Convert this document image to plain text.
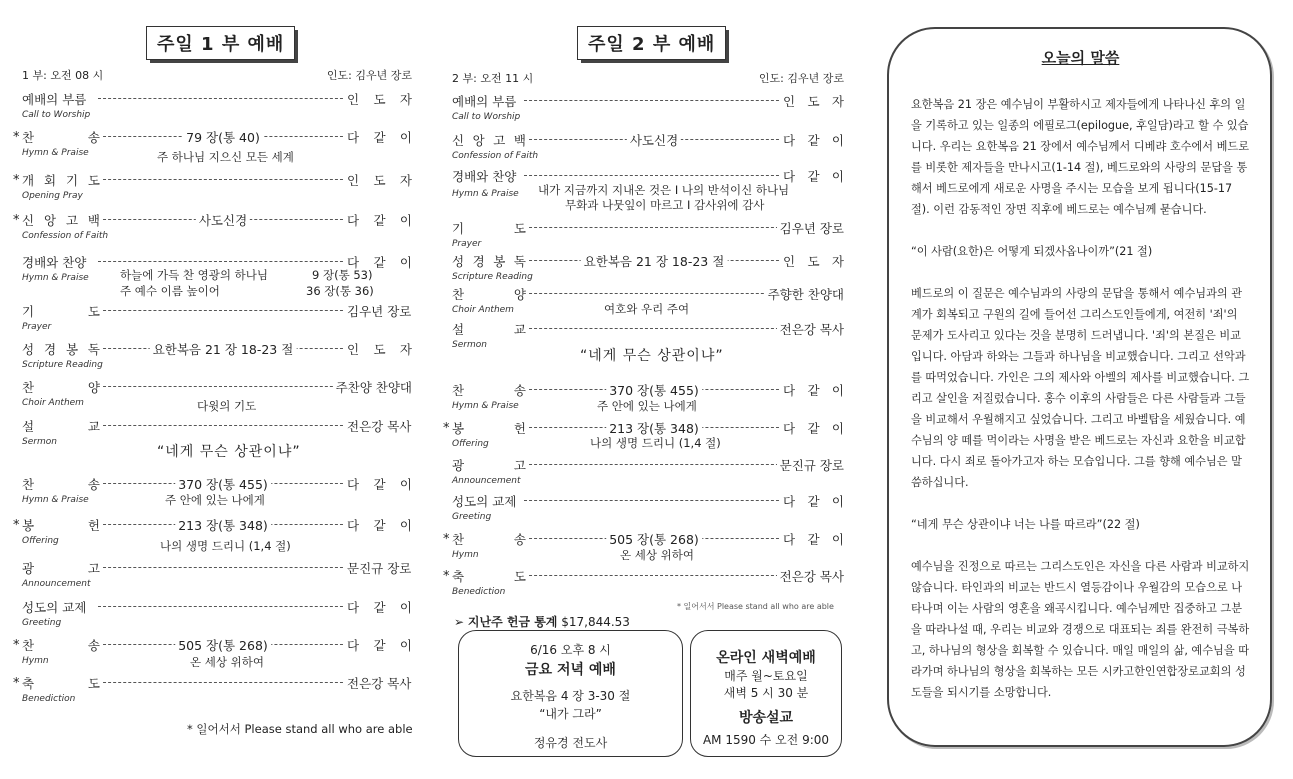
주일 1 부 예배
1 부: 오전 08 시	인도: 김우년 장로
예배의 부름	인 도 자
Call to Worship
* 찬	송	79 장(통 40)	다 같 이
Hymn & Praise	주 하나님 지으신 모든 세계
* 개 회 기 도	인 도 자
Opening Pray
* 신 앙 고 백	사도신경	다 같 이
Confession of Faith
경배와 찬양	다 같 이
Hymn & Praise	하늘에 가득 찬 영광의 하나님	9 장(통 53)
주 예수 이름 높이어	36 장(통 36)
기	도	김우년 장로
Prayer
성 경 봉 독	요한복음 21 장 18-23 절	인 도 자
Scripture Reading
찬	양	주찬양 찬양대
Choir Anthem	다윗의 기도
설	교	전은강 목사
Sermon
“네게 무슨 상관이냐”
찬	송	370 장(통 455)	다 같 이
Hymn & Praise	주 안에 있는 나에게
* 봉	헌	213 장(통 348)	다 같 이
Offering	나의 생명 드리니 (1,4 절)
광	고	문진규 장로
Announcement
성도의 교제	다 같 이
Greeting
* 찬	송	505 장(통 268)	다 같 이
Hymn	온 세상 위하여
* 축	도	전은강 목사
Benediction
* 일어서서 Please stand all who are able
주일 2 부 예배
2 부: 오전 11 시	인도: 김우년 장로
예배의 부름	인 도 자
Call to Worship
신 앙 고 백	사도신경	다 같 이
Confession of Faith
경배와 찬양	다 같 이
Hymn & Praise 내가 지금까지 지내온 것은 I 나의 반석이신 하나님
무화과 나뭇잎이 마르고 I 감사위에 감사
기	도	김우년 장로
Prayer
성 경 봉 독	요한복음 21 장 18-23 절	인 도 자
Scripture Reading
찬	양	주향한 찬양대
Choir Anthem	여호와 우리 주여
설	교	전은강 목사
Sermon
“네게 무슨 상관이냐”
찬	송	370 장(통 455)	다 같 이
Hymn & Praise	주 안에 있는 나에게
* 봉	헌	213 장(통 348)	다 같 이
Offering	나의 생명 드리니 (1,4 절)
광	고	문진규 장로
Announcement
성도의 교제	다 같 이
Greeting
* 찬	송	505 장(통 268)	다 같 이
Hymn	온 세상 위하여
* 축	도	전은강 목사
Benediction
* 일어서서 Please stand all who are able
➢ 지난주 헌금 통계 $17,844.53
6/16 오후 8 시
금요 저녁 예배
요한복음 4 장 3-30 절
“내가 그라”
정유경 전도사
온라인 새벽예배
매주 월~토요일
새벽 5 시 30 분
방송설교
AM 1590 수 오전 9:00
오늘의 말씀

요한복음 21 장은 예수님이 부활하시고 제자들에게 나타나신 후의 일을 기록하고 있는 일종의 에필로그(epilogue, 후일담)라고 할 수 있습니다. 우리는 요한복음 21 장에서 예수님께서 디베랴 호수에서 베드로를 비롯한 제자들을 만나시고(1-14 절), 베드로와의 사랑의 문답을 통해서 베드로에게 새로운 사명을 주시는 모습을 보게 됩니다(15-17 절). 이런 감동적인 장면 직후에 베드로는 예수님께 묻습니다.

“이 사람(요한)은 어떻게 되겠사옵나이까”(21 절)

베드로의 이 질문은 예수님과의 사랑의 문답을 통해서 예수님과의 관계가 회복되고 구원의 길에 들어선 그리스도인들에게, 여전히 '죄'의 문제가 도사리고 있다는 것을 분명히 드러냅니다. '죄'의 본질은 비교입니다. 아담과 하와는 그들과 하나님을 비교했습니다. 그리고 선악과를 따먹었습니다. 가인은 그의 제사와 아벨의 제사를 비교했습니다. 그리고 살인을 저질렀습니다. 홍수 이후의 사람들은 다른 사람들과 그들을 비교해서 우월해지고 싶었습니다. 그리고 바벨탑을 세웠습니다. 예수님의 양 떼를 먹이라는 사명을 받은 베드로는 자신과 요한을 비교합니다. 다시 죄로 돌아가고자 하는 모습입니다. 그를 향해 예수님은 말씀하십니다.

“네게 무슨 상관이냐 너는 나를 따르라”(22 절)

예수님을 진정으로 따르는 그리스도인은 자신을 다른 사람과 비교하지 않습니다. 타인과의 비교는 반드시 열등감이나 우월감의 모습으로 나타나며 이는 사람의 영혼을 왜곡시킵니다. 예수님께만 집중하고 그분을 따라나설 때, 우리는 비교와 경쟁으로 대표되는 죄를 완전히 극복하고, 하나님의 형상을 회복할 수 있습니다. 매일 매일의 삶, 예수님을 따라가며 하나님의 형상을 회복하는 모든 시카고한인연합장로교회의 성도들을 되시기를 소망합니다.
